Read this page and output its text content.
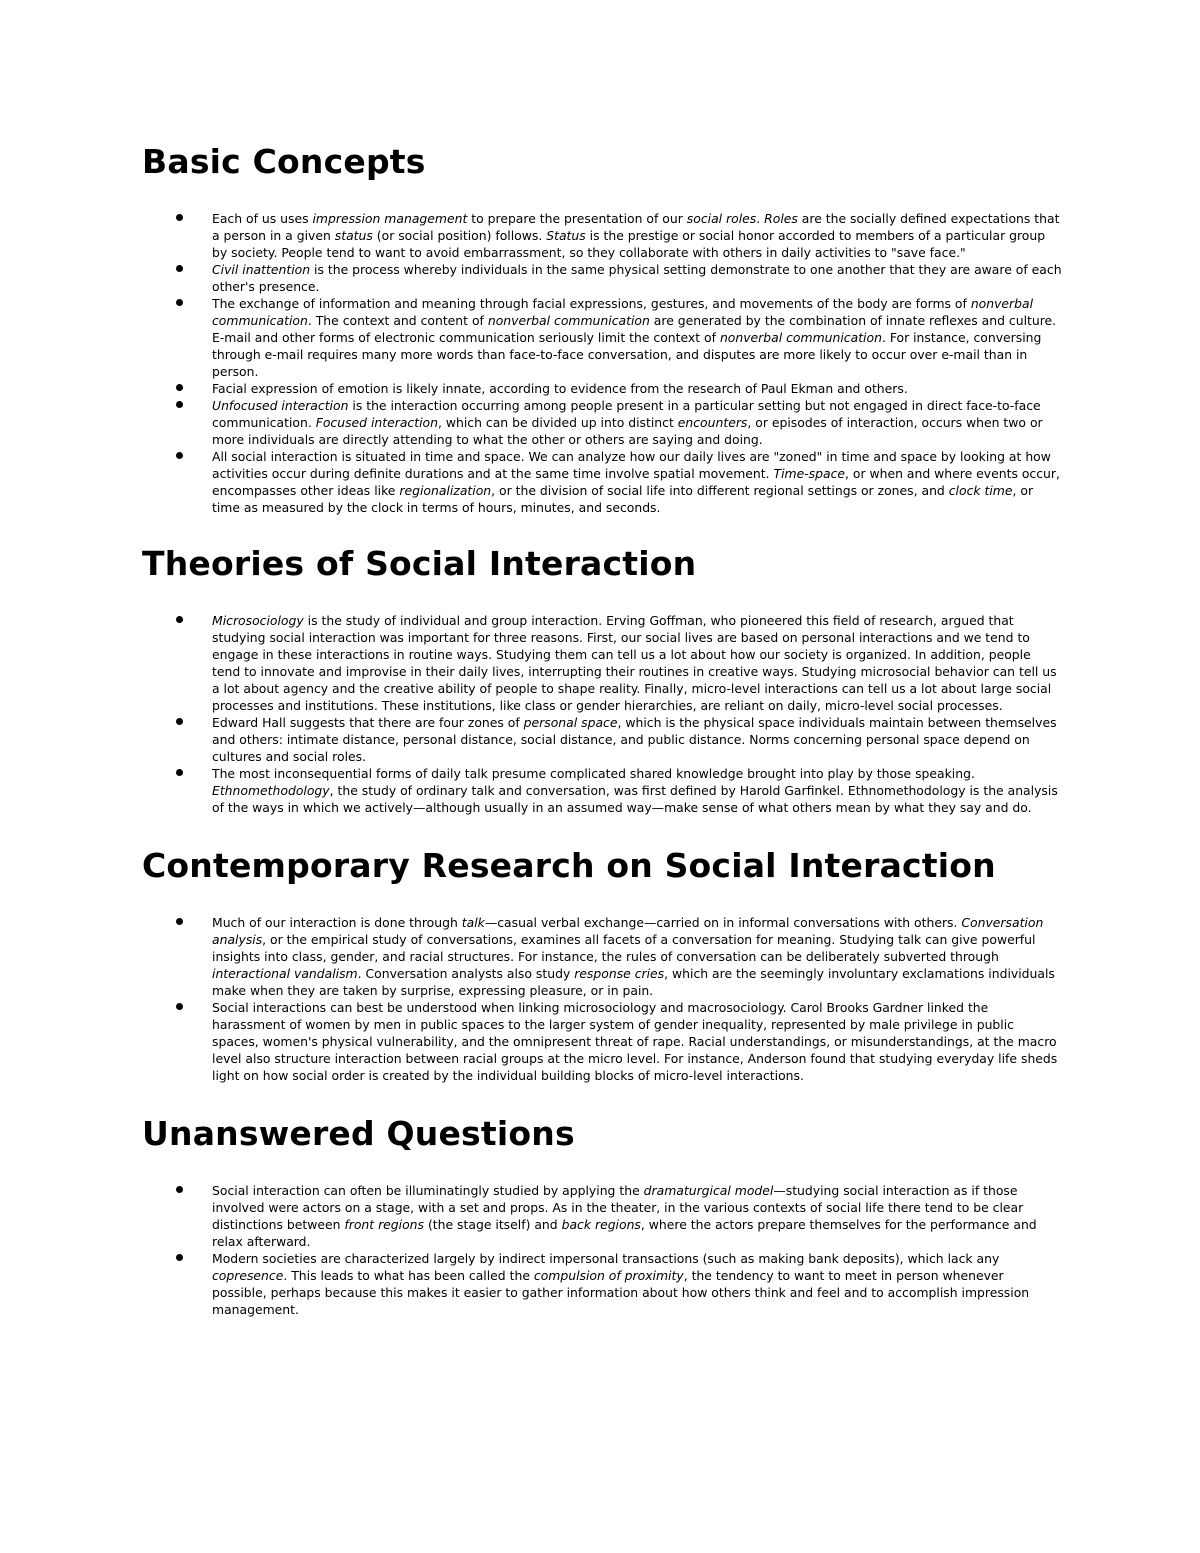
Basic Concepts
Each of us uses impression management to prepare the presentation of our social roles. Roles are the socially defined expectations that a person in a given status (or social position) follows. Status is the prestige or social honor accorded to members of a particular group by society. People tend to want to avoid embarrassment, so they collaborate with others in daily activities to "save face."
Civil inattention is the process whereby individuals in the same physical setting demonstrate to one another that they are aware of each other's presence.
The exchange of information and meaning through facial expressions, gestures, and movements of the body are forms of nonverbal communication. The context and content of nonverbal communication are generated by the combination of innate reflexes and culture. E-mail and other forms of electronic communication seriously limit the context of nonverbal communication. For instance, conversing through e-mail requires many more words than face-to-face conversation, and disputes are more likely to occur over e-mail than in person.
Facial expression of emotion is likely innate, according to evidence from the research of Paul Ekman and others.
Unfocused interaction is the interaction occurring among people present in a particular setting but not engaged in direct face-to-face communication. Focused interaction, which can be divided up into distinct encounters, or episodes of interaction, occurs when two or more individuals are directly attending to what the other or others are saying and doing.
All social interaction is situated in time and space. We can analyze how our daily lives are "zoned" in time and space by looking at how activities occur during definite durations and at the same time involve spatial movement. Time-space, or when and where events occur, encompasses other ideas like regionalization, or the division of social life into different regional settings or zones, and clock time, or time as measured by the clock in terms of hours, minutes, and seconds.
Theories of Social Interaction
Microsociology is the study of individual and group interaction. Erving Goffman, who pioneered this field of research, argued that studying social interaction was important for three reasons. First, our social lives are based on personal interactions and we tend to engage in these interactions in routine ways. Studying them can tell us a lot about how our society is organized. In addition, people tend to innovate and improvise in their daily lives, interrupting their routines in creative ways. Studying microsocial behavior can tell us a lot about agency and the creative ability of people to shape reality. Finally, micro-level interactions can tell us a lot about large social processes and institutions. These institutions, like class or gender hierarchies, are reliant on daily, micro-level social processes.
Edward Hall suggests that there are four zones of personal space, which is the physical space individuals maintain between themselves and others: intimate distance, personal distance, social distance, and public distance. Norms concerning personal space depend on cultures and social roles.
The most inconsequential forms of daily talk presume complicated shared knowledge brought into play by those speaking. Ethnomethodology, the study of ordinary talk and conversation, was first defined by Harold Garfinkel. Ethnomethodology is the analysis of the ways in which we actively—although usually in an assumed way—make sense of what others mean by what they say and do.
Contemporary Research on Social Interaction
Much of our interaction is done through talk—casual verbal exchange—carried on in informal conversations with others. Conversation analysis, or the empirical study of conversations, examines all facets of a conversation for meaning. Studying talk can give powerful insights into class, gender, and racial structures. For instance, the rules of conversation can be deliberately subverted through interactional vandalism. Conversation analysts also study response cries, which are the seemingly involuntary exclamations individuals make when they are taken by surprise, expressing pleasure, or in pain.
Social interactions can best be understood when linking microsociology and macrosociology. Carol Brooks Gardner linked the harassment of women by men in public spaces to the larger system of gender inequality, represented by male privilege in public spaces, women's physical vulnerability, and the omnipresent threat of rape. Racial understandings, or misunderstandings, at the macro level also structure interaction between racial groups at the micro level. For instance, Anderson found that studying everyday life sheds light on how social order is created by the individual building blocks of micro-level interactions.
Unanswered Questions
Social interaction can often be illuminatingly studied by applying the dramaturgical model—studying social interaction as if those involved were actors on a stage, with a set and props. As in the theater, in the various contexts of social life there tend to be clear distinctions between front regions (the stage itself) and back regions, where the actors prepare themselves for the performance and relax afterward.
Modern societies are characterized largely by indirect impersonal transactions (such as making bank deposits), which lack any copresence. This leads to what has been called the compulsion of proximity, the tendency to want to meet in person whenever possible, perhaps because this makes it easier to gather information about how others think and feel and to accomplish impression management.
